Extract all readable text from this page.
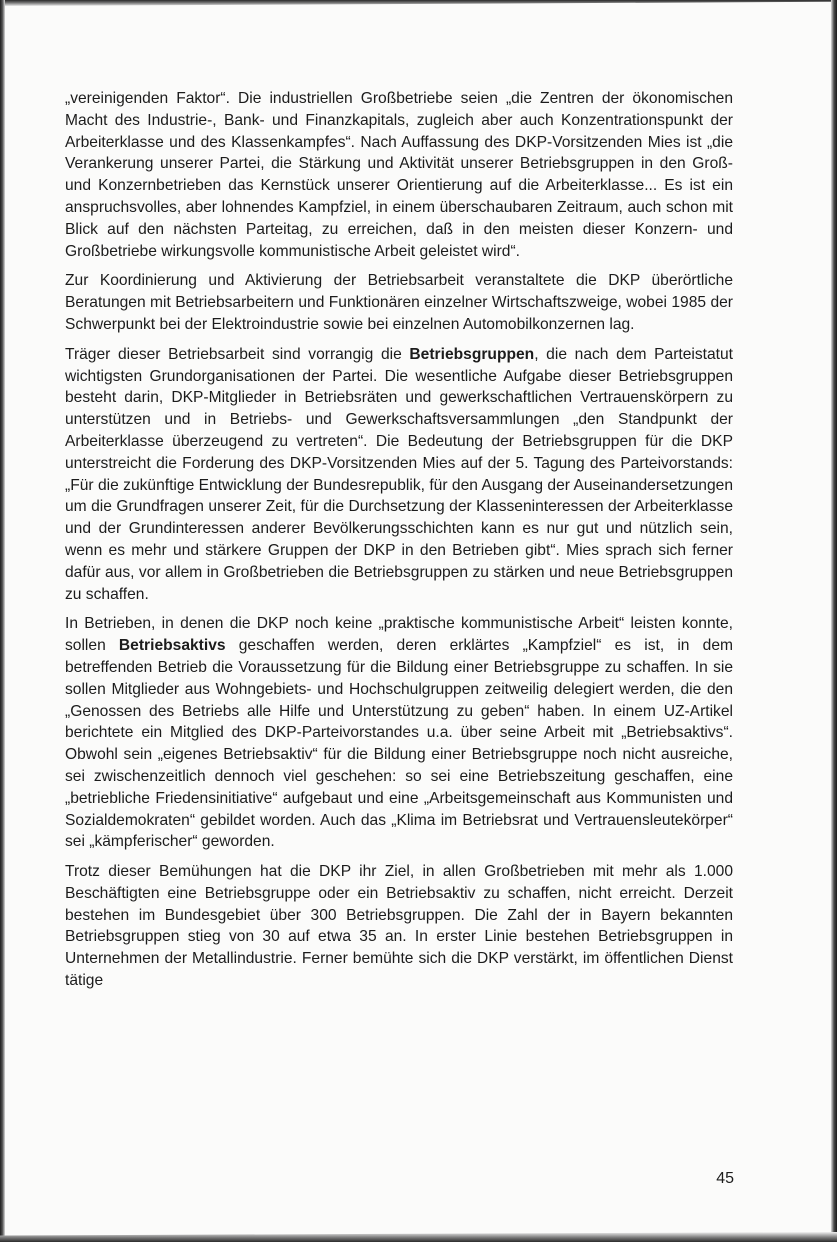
„vereinigenden Faktor“. Die industriellen Großbetriebe seien „die Zentren der ökonomischen Macht des Industrie-, Bank- und Finanzkapitals, zugleich aber auch Konzentrationspunkt der Arbeiterklasse und des Klassenkampfes“. Nach Auffassung des DKP-Vorsitzenden Mies ist „die Verankerung unserer Partei, die Stärkung und Aktivität unserer Betriebsgruppen in den Groß- und Konzernbetrieben das Kernstück unserer Orientierung auf die Arbeiterklasse... Es ist ein anspruchsvolles, aber lohnendes Kampfziel, in einem überschaubaren Zeitraum, auch schon mit Blick auf den nächsten Parteitag, zu erreichen, daß in den meisten dieser Konzern- und Großbetriebe wirkungsvolle kommunistische Arbeit geleistet wird“.

Zur Koordinierung und Aktivierung der Betriebsarbeit veranstaltete die DKP überörtliche Beratungen mit Betriebsarbeitern und Funktionären einzelner Wirtschaftszweige, wobei 1985 der Schwerpunkt bei der Elektroindustrie sowie bei einzelnen Automobilkonzernen lag.

Träger dieser Betriebsarbeit sind vorrangig die Betriebsgruppen, die nach dem Parteistatut wichtigsten Grundorganisationen der Partei. Die wesentliche Aufgabe dieser Betriebsgruppen besteht darin, DKP-Mitglieder in Betriebsräten und gewerkschaftlichen Vertrauenskörpern zu unterstützen und in Betriebs- und Gewerkschaftsversammlungen „den Standpunkt der Arbeiterklasse überzeugend zu vertreten“. Die Bedeutung der Betriebsgruppen für die DKP unterstreicht die Forderung des DKP-Vorsitzenden Mies auf der 5. Tagung des Parteivorstands: „Für die zukünftige Entwicklung der Bundesrepublik, für den Ausgang der Auseinandersetzungen um die Grundfragen unserer Zeit, für die Durchsetzung der Klasseninteressen der Arbeiterklasse und der Grundinteressen anderer Bevölkerungsschichten kann es nur gut und nützlich sein, wenn es mehr und stärkere Gruppen der DKP in den Betrieben gibt“. Mies sprach sich ferner dafür aus, vor allem in Großbetrieben die Betriebsgruppen zu stärken und neue Betriebsgruppen zu schaffen.

In Betrieben, in denen die DKP noch keine „praktische kommunistische Arbeit“ leisten konnte, sollen Betriebsaktivs geschaffen werden, deren erklärtes „Kampfziel“ es ist, in dem betreffenden Betrieb die Voraussetzung für die Bildung einer Betriebsgruppe zu schaffen. In sie sollen Mitglieder aus Wohngebiets- und Hochschulgruppen zeitweilig delegiert werden, die den „Genossen des Betriebs alle Hilfe und Unterstützung zu geben“ haben. In einem UZ-Artikel berichtete ein Mitglied des DKP-Parteivorstandes u.a. über seine Arbeit mit „Betriebsaktivs“. Obwohl sein „eigenes Betriebsaktiv“ für die Bildung einer Betriebsgruppe noch nicht ausreiche, sei zwischenzeitlich dennoch viel geschehen: so sei eine Betriebszeitung geschaffen, eine „betriebliche Friedensinitiative“ aufgebaut und eine „Arbeitsgemeinschaft aus Kommunisten und Sozialdemokraten“ gebildet worden. Auch das „Klima im Betriebsrat und Vertrauensleutekörper“ sei „kämpferischer“ geworden.

Trotz dieser Bemühungen hat die DKP ihr Ziel, in allen Großbetrieben mit mehr als 1.000 Beschäftigten eine Betriebsgruppe oder ein Betriebsaktiv zu schaffen, nicht erreicht. Derzeit bestehen im Bundesgebiet über 300 Betriebsgruppen. Die Zahl der in Bayern bekannten Betriebsgruppen stieg von 30 auf etwa 35 an. In erster Linie bestehen Betriebsgruppen in Unternehmen der Metallindustrie. Ferner bemühte sich die DKP verstärkt, im öffentlichen Dienst tätige

45
